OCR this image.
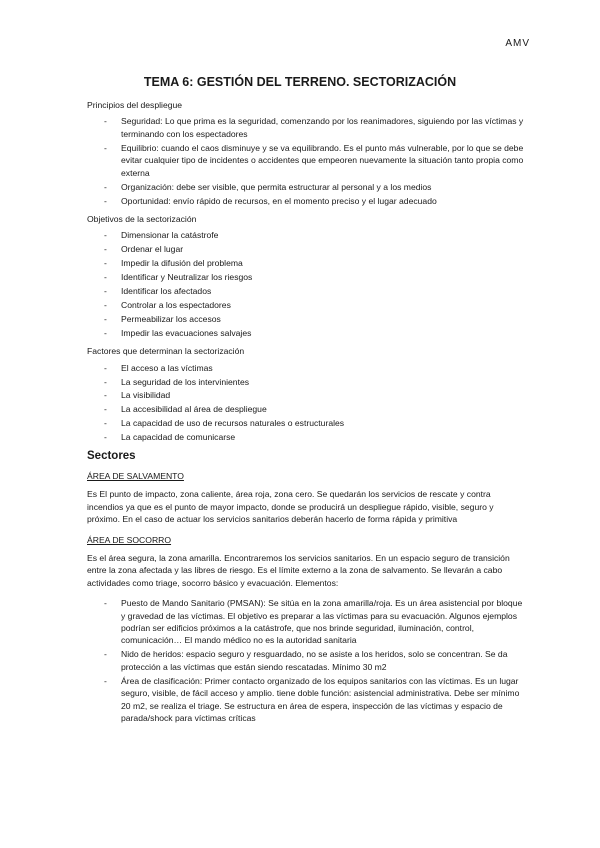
AMV
TEMA 6: GESTIÓN DEL TERRENO. SECTORIZACIÓN
Principios del despliegue
- Seguridad: Lo que prima es la seguridad, comenzando por los reanimadores, siguiendo por las víctimas y terminando con los espectadores
- Equilibrio: cuando el caos disminuye y se va equilibrando. Es el punto más vulnerable, por lo que se debe evitar cualquier tipo de incidentes o accidentes que empeoren nuevamente la situación tanto propia como externa
- Organización: debe ser visible, que permita estructurar al personal y a los medios
- Oportunidad: envío rápido de recursos, en el momento preciso y el lugar adecuado
Objetivos de la sectorización
- Dimensionar la catástrofe
- Ordenar el lugar
- Impedir la difusión del problema
- Identificar y Neutralizar los riesgos
- Identificar los afectados
- Controlar a los espectadores
- Permeabilizar los accesos
- Impedir las evacuaciones salvajes
Factores que determinan la sectorización
- El acceso a las víctimas
- La seguridad de los intervinientes
- La visibilidad
- La accesibilidad al área de despliegue
- La capacidad de uso de recursos naturales o estructurales
- La capacidad de comunicarse
Sectores
ÁREA DE SALVAMENTO
Es El punto de impacto, zona caliente, área roja, zona cero. Se quedarán los servicios de rescate y contra incendios ya que es el punto de mayor impacto, donde se producirá un despliegue rápido, visible, seguro y próximo. En el caso de actuar los servicios sanitarios deberán hacerlo de forma rápida y primitiva
ÁREA DE SOCORRO
Es el área segura, la zona amarilla. Encontraremos los servicios sanitarios. En un espacio seguro de transición entre la zona afectada y las libres de riesgo. Es el límite externo a la zona de salvamento. Se llevarán a cabo actividades como triage, socorro básico y evacuación. Elementos:
- Puesto de Mando Sanitario (PMSAN): Se sitúa en la zona amarilla/roja. Es un área asistencial por bloque y gravedad de las víctimas. El objetivo es preparar a las víctimas para su evacuación. Algunos ejemplos podrían ser edificios próximos a la catástrofe, que nos brinde seguridad, iluminación, control, comunicación… El mando médico no es la autoridad sanitaria
- Nido de heridos: espacio seguro y resguardado, no se asiste a los heridos, solo se concentran. Se da protección a las víctimas que están siendo rescatadas. Mínimo 30 m2
- Área de clasificación: Primer contacto organizado de los equipos sanitarios con las víctimas. Es un lugar seguro, visible, de fácil acceso y amplio. tiene doble función: asistencial administrativa. Debe ser mínimo 20 m2, se realiza el triage. Se estructura en área de espera, inspección de las víctimas y espacio de parada/shock para víctimas críticas
